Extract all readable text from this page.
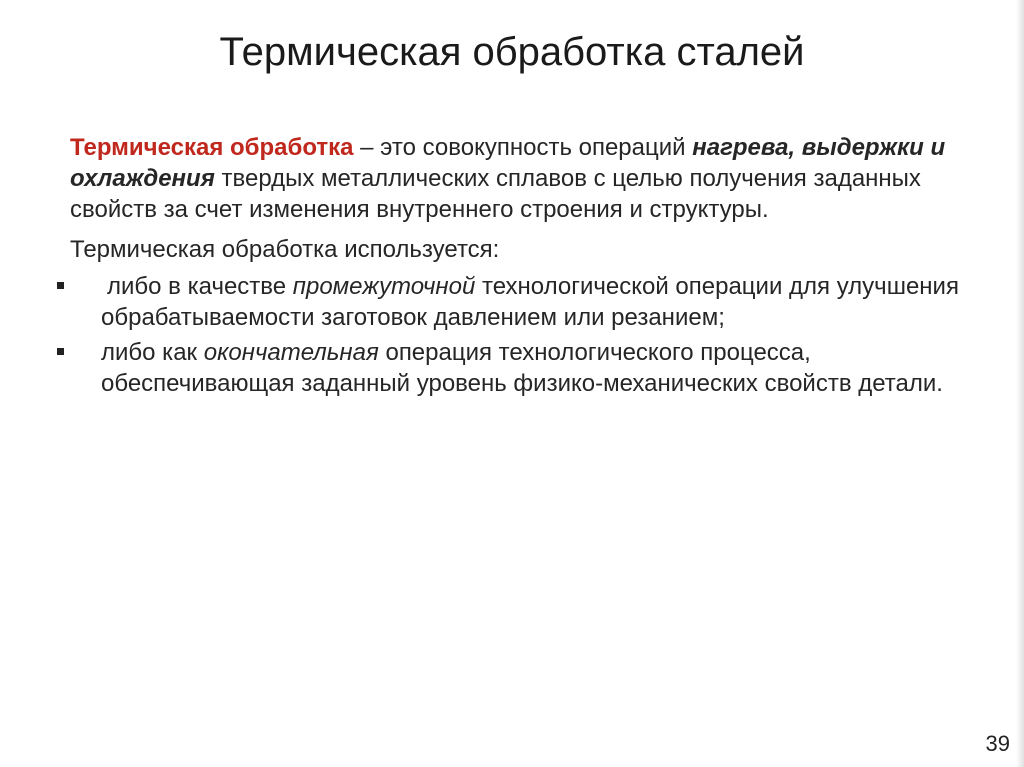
Термическая обработка сталей

Термическая обработка – это совокупность операций нагрева, выдержки и охлаждения твердых металлических сплавов с целью получения заданных свойств за счет изменения внутреннего строения и структуры.

Термическая обработка используется:

либо в качестве промежуточной технологической операции для улучшения обрабатываемости заготовок давлением или резанием;
либо как окончательная операция технологического процесса, обеспечивающая заданный уровень физико-механических свойств детали.
39
